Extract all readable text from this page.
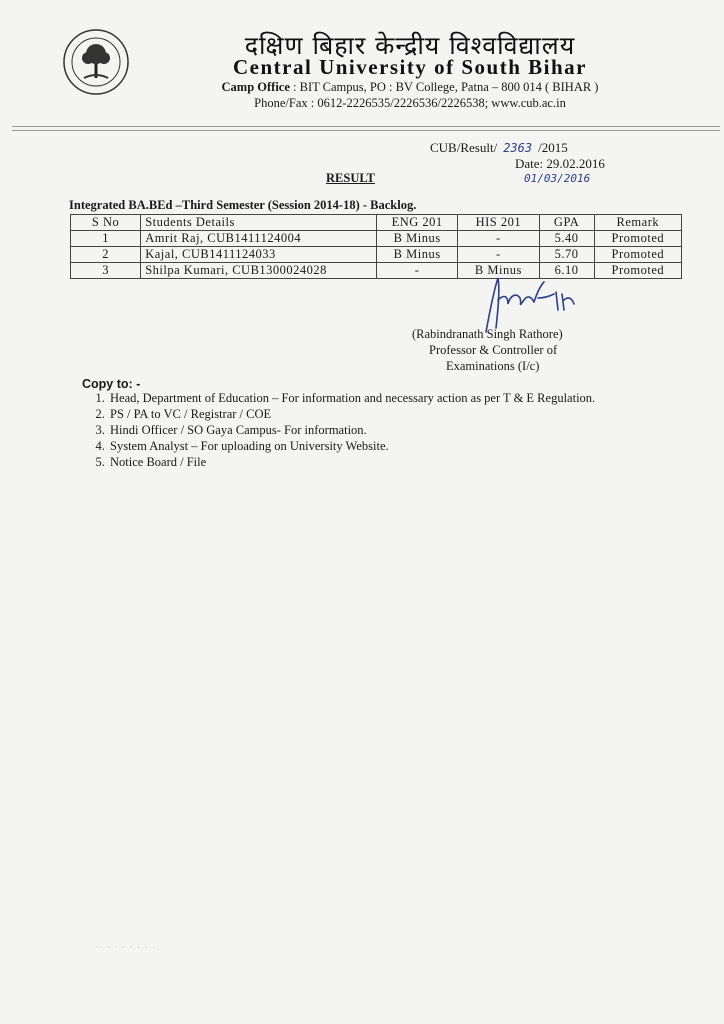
दक्षिण बिहार केन्द्रीय विश्वविद्यालय
Central University of South Bihar
Camp Office : BIT Campus, PO : BV College, Patna – 800 014 ( BIHAR )
Phone/Fax : 0612-2226535/2226536/2226538; www.cub.ac.in
CUB/Result/ 2363 /2015
Date: 29.02.2016
01/03/2016
RESULT
Integrated BA.BEd –Third Semester (Session 2014-18) - Backlog.
S No	Students Details	ENG 201	HIS 201	GPA	Remark
1	Amrit Raj, CUB1411124004	B Minus	-	5.40	Promoted
2	Kajal, CUB1411124033	B Minus	-	5.70	Promoted
3	Shilpa Kumari, CUB1300024028	-	B Minus	6.10	Promoted
(Rabindranath Singh Rathore)
Professor & Controller of
Examinations (I/c)
Copy to: -
1. Head, Department of Education – For information and necessary action as per T & E Regulation.
2. PS / PA to VC / Registrar / COE
3. Hindi Officer / SO Gaya Campus- For information.
4. System Analyst – For uploading on University Website.
5. Notice Board / File
·· · · · · · · ·
